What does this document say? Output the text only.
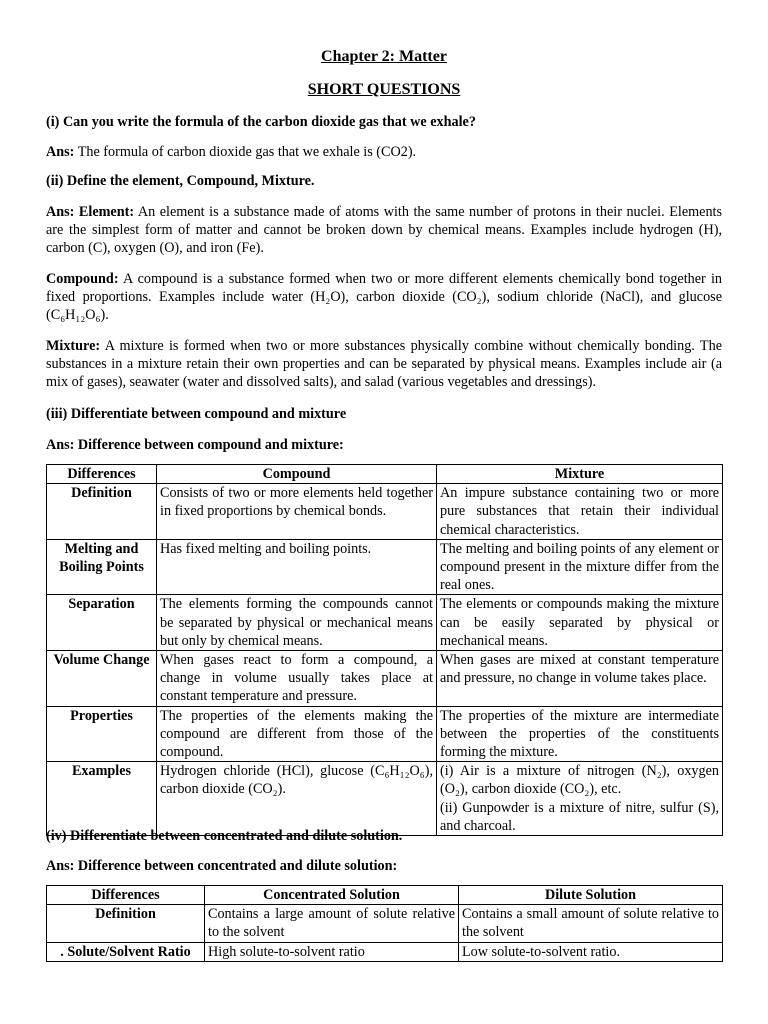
Chapter 2: Matter
SHORT QUESTIONS

(i) Can you write the formula of the carbon dioxide gas that we exhale?

Ans: The formula of carbon dioxide gas that we exhale is (CO2).

(ii) Define the element, Compound, Mixture.

Ans: Element: An element is a substance made of atoms with the same number of protons in their nuclei. Elements are the simplest form of matter and cannot be broken down by chemical means. Examples include hydrogen (H), carbon (C), oxygen (O), and iron (Fe).

Compound: A compound is a substance formed when two or more different elements chemically bond together in fixed proportions. Examples include water (H₂O), carbon dioxide (CO₂), sodium chloride (NaCl), and glucose (C₆H₁₂O₆).

Mixture: A mixture is formed when two or more substances physically combine without chemically bonding. The substances in a mixture retain their own properties and can be separated by physical means. Examples include air (a mix of gases), seawater (water and dissolved salts), and salad (various vegetables and dressings).

(iii) Differentiate between compound and mixture

Ans: Difference between compound and mixture:

Differences	Compound	Mixture
Definition	Consists of two or more elements held together in fixed proportions by chemical bonds.	An impure substance containing two or more pure substances that retain their individual chemical characteristics.
Melting and Boiling Points	Has fixed melting and boiling points.	The melting and boiling points of any element or compound present in the mixture differ from the real ones.
Separation	The elements forming the compounds cannot be separated by physical or mechanical means but only by chemical means.	The elements or compounds making the mixture can be easily separated by physical or mechanical means.
Volume Change	When gases react to form a compound, a change in volume usually takes place at constant temperature and pressure.	When gases are mixed at constant temperature and pressure, no change in volume takes place.
Properties	The properties of the elements making the compound are different from those of the compound.	The properties of the mixture are intermediate between the properties of the constituents forming the mixture.
Examples	Hydrogen chloride (HCl), glucose (C₆H₁₂O₆), carbon dioxide (CO₂).	(i) Air is a mixture of nitrogen (N₂), oxygen (O₂), carbon dioxide (CO₂), etc.
(ii) Gunpowder is a mixture of nitre, sulfur (S), and charcoal.

(iv) Differentiate between concentrated and dilute solution.

Ans: Difference between concentrated and dilute solution:

Differences	Concentrated Solution	Dilute Solution
Definition	Contains a large amount of solute relative to the solvent	Contains a small amount of solute relative to the solvent
. Solute/Solvent Ratio	High solute-to-solvent ratio	Low solute-to-solvent ratio.
